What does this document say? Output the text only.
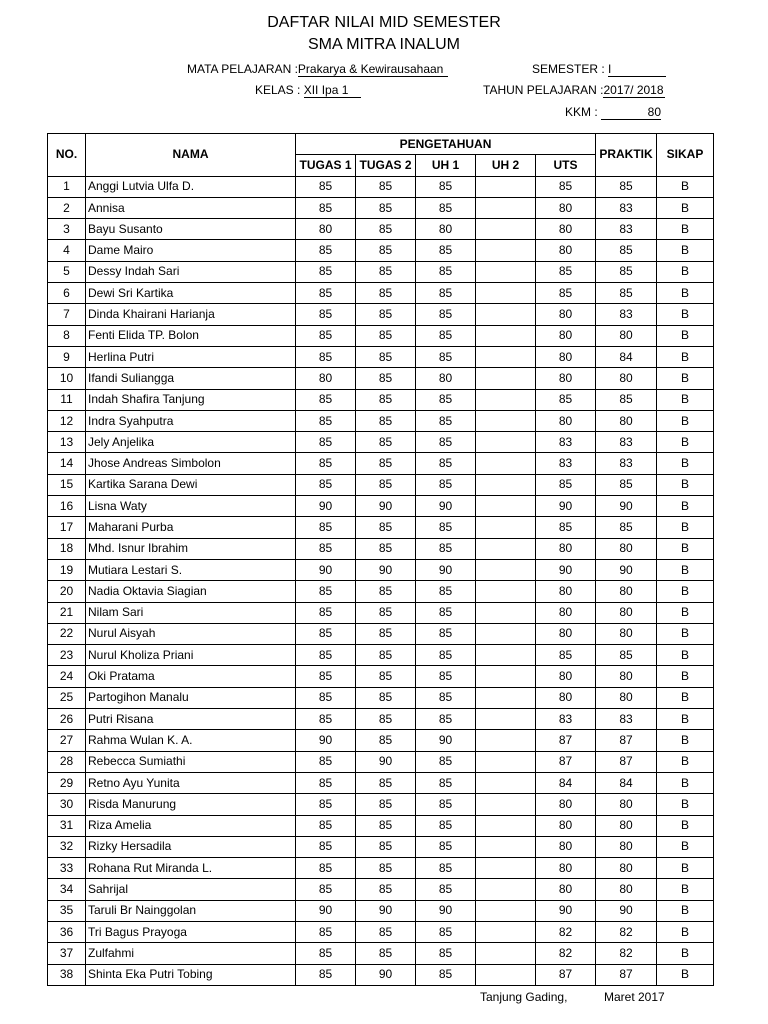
DAFTAR NILAI MID SEMESTER
SMA MITRA INALUM
MATA PELAJARAN :Prakarya & Kewirausahaan	SEMESTER : I
KELAS : XII Ipa 1	TAHUN PELAJARAN :2017/ 2018
KKM :	80
NO.	NAMA	PENGETAHUAN					PRAKTIK	SIKAP
		TUGAS 1	TUGAS 2	UH 1	UH 2	UTS		
1	Anggi Lutvia Ulfa D.	85	85	85		85	85	B
2	Annisa	85	85	85		80	83	B
3	Bayu Susanto	80	85	80		80	83	B
4	Dame Mairo	85	85	85		80	85	B
5	Dessy Indah Sari	85	85	85		85	85	B
6	Dewi Sri Kartika	85	85	85		85	85	B
7	Dinda Khairani Harianja	85	85	85		80	83	B
8	Fenti Elida TP. Bolon	85	85	85		80	80	B
9	Herlina Putri	85	85	85		80	84	B
10	Ifandi Suliangga	80	85	80		80	80	B
11	Indah Shafira Tanjung	85	85	85		85	85	B
12	Indra Syahputra	85	85	85		80	80	B
13	Jely Anjelika	85	85	85		83	83	B
14	Jhose Andreas Simbolon	85	85	85		83	83	B
15	Kartika Sarana Dewi	85	85	85		85	85	B
16	Lisna Waty	90	90	90		90	90	B
17	Maharani Purba	85	85	85		85	85	B
18	Mhd. Isnur Ibrahim	85	85	85		80	80	B
19	Mutiara Lestari S.	90	90	90		90	90	B
20	Nadia Oktavia Siagian	85	85	85		80	80	B
21	Nilam Sari	85	85	85		80	80	B
22	Nurul Aisyah	85	85	85		80	80	B
23	Nurul Kholiza Priani	85	85	85		85	85	B
24	Oki Pratama	85	85	85		80	80	B
25	Partogihon Manalu	85	85	85		80	80	B
26	Putri Risana	85	85	85		83	83	B
27	Rahma Wulan K. A.	90	85	90		87	87	B
28	Rebecca Sumiathi	85	90	85		87	87	B
29	Retno Ayu Yunita	85	85	85		84	84	B
30	Risda Manurung	85	85	85		80	80	B
31	Riza Amelia	85	85	85		80	80	B
32	Rizky Hersadila	85	85	85		80	80	B
33	Rohana Rut Miranda L.	85	85	85		80	80	B
34	Sahrijal	85	85	85		80	80	B
35	Taruli Br Nainggolan	90	90	90		90	90	B
36	Tri Bagus Prayoga	85	85	85		82	82	B
37	Zulfahmi	85	85	85		82	82	B
38	Shinta Eka Putri Tobing	85	90	85		87	87	B
Tanjung Gading,	Maret 2017
